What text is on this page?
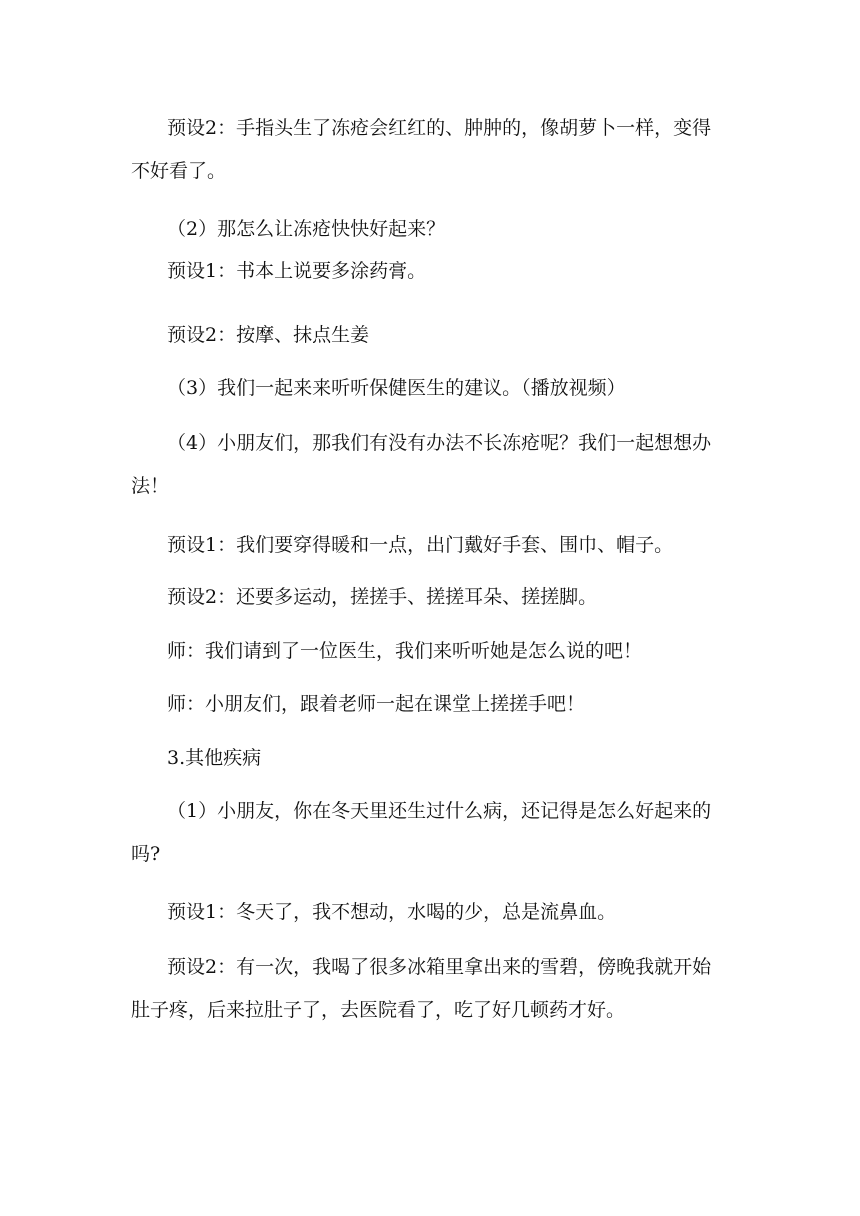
预设2：手指头生了冻疮会红红的、肿肿的，像胡萝卜一样，变得不好看了。

（2）那怎么让冻疮快快好起来？

预设1：书本上说要多涂药膏。

预设2：按摩、抹点生姜

（3）我们一起来来听听保健医生的建议。（播放视频）

（4）小朋友们，那我们有没有办法不长冻疮呢？我们一起想想办法！

预设1：我们要穿得暖和一点，出门戴好手套、围巾、帽子。

预设2：还要多运动，搓搓手、搓搓耳朵、搓搓脚。

师：我们请到了一位医生，我们来听听她是怎么说的吧！

师：小朋友们，跟着老师一起在课堂上搓搓手吧！

3.其他疾病

（1）小朋友，你在冬天里还生过什么病，还记得是怎么好起来的吗?

预设1：冬天了，我不想动，水喝的少，总是流鼻血。

预设2：有一次，我喝了很多冰箱里拿出来的雪碧，傍晚我就开始肚子疼，后来拉肚子了，去医院看了，吃了好几顿药才好。
